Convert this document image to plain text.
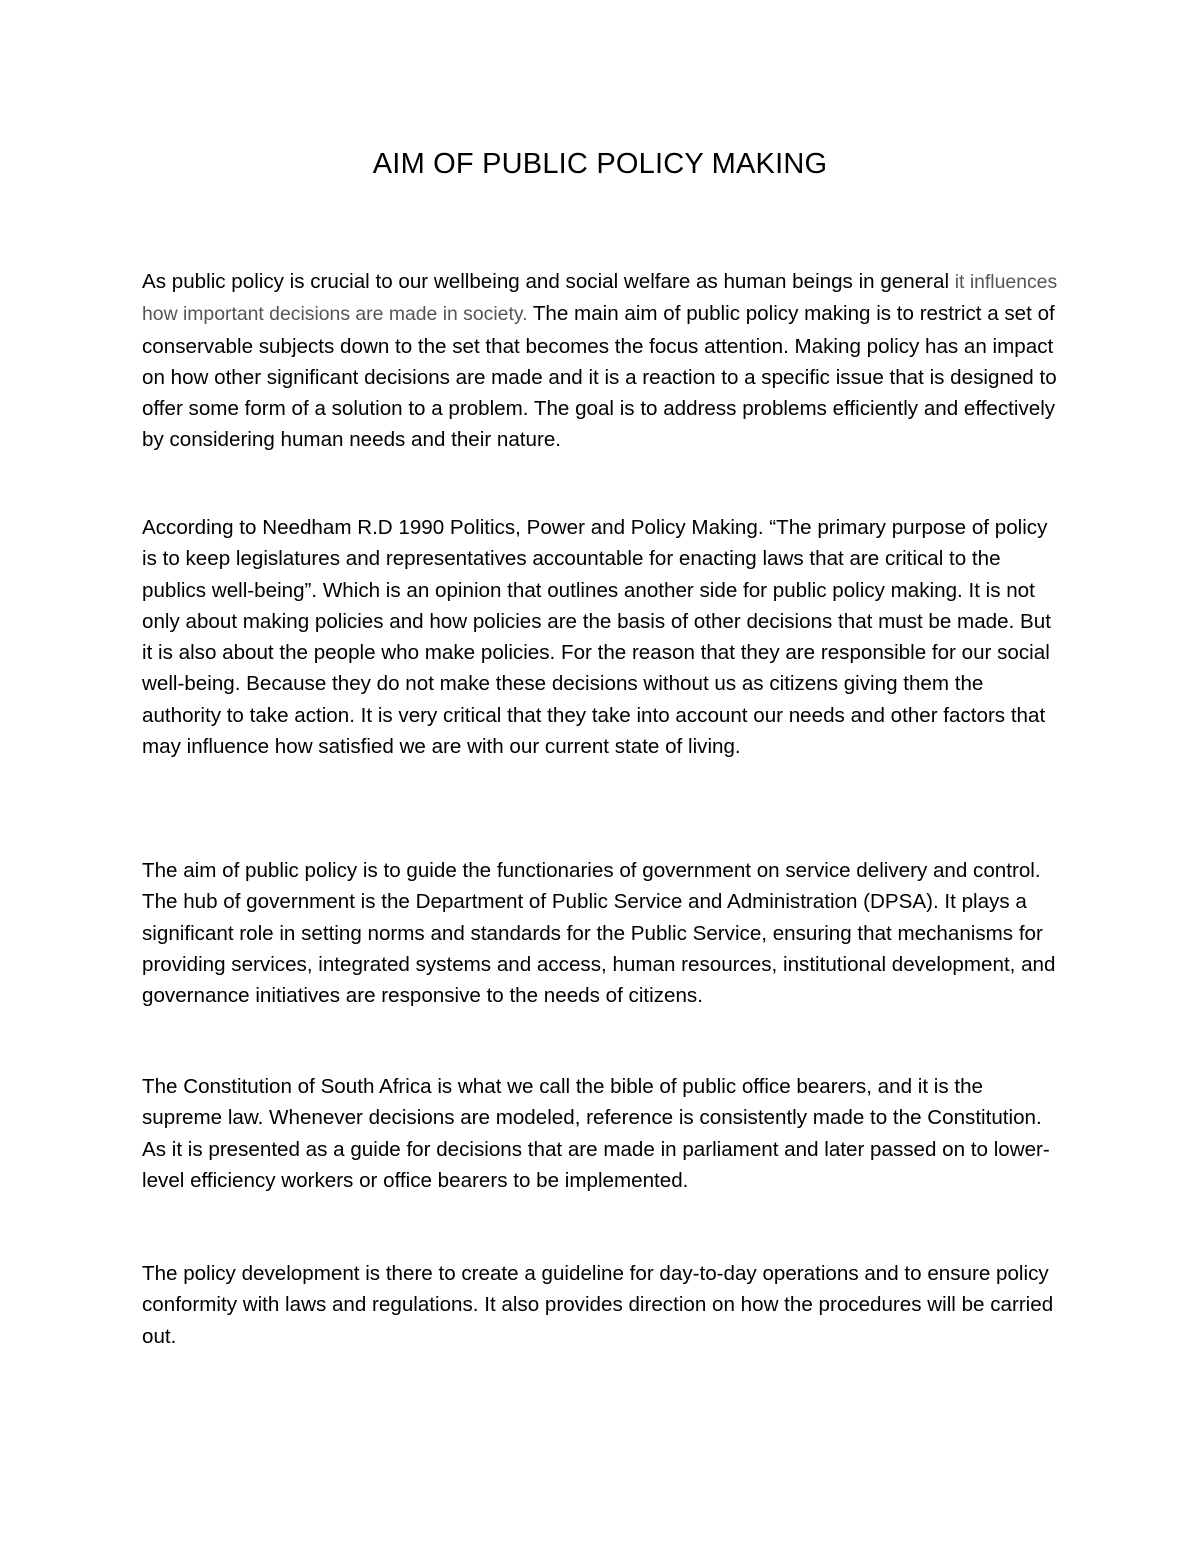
AIM OF PUBLIC POLICY MAKING

As public policy is crucial to our wellbeing and social welfare as human beings in general it influences how important decisions are made in society. The main aim of public policy making is to restrict a set of conservable subjects down to the set that becomes the focus attention. Making policy has an impact on how other significant decisions are made and it is a reaction to a specific issue that is designed to offer some form of a solution to a problem. The goal is to address problems efficiently and effectively by considering human needs and their nature.

According to Needham R.D 1990 Politics, Power and Policy Making. “The primary purpose of policy is to keep legislatures and representatives accountable for enacting laws that are critical to the publics well-being”. Which is an opinion that outlines another side for public policy making. It is not only about making policies and how policies are the basis of other decisions that must be made. But it is also about the people who make policies. For the reason that they are responsible for our social well-being. Because they do not make these decisions without us as citizens giving them the authority to take action. It is very critical that they take into account our needs and other factors that may influence how satisfied we are with our current state of living.

The aim of public policy is to guide the functionaries of government on service delivery and control. The hub of government is the Department of Public Service and Administration (DPSA). It plays a significant role in setting norms and standards for the Public Service, ensuring that mechanisms for providing services, integrated systems and access, human resources, institutional development, and governance initiatives are responsive to the needs of citizens.

The Constitution of South Africa is what we call the bible of public office bearers, and it is the supreme law. Whenever decisions are modeled, reference is consistently made to the Constitution. As it is presented as a guide for decisions that are made in parliament and later passed on to lower-level efficiency workers or office bearers to be implemented.

The policy development is there to create a guideline for day-to-day operations and to ensure policy conformity with laws and regulations. It also provides direction on how the procedures will be carried out.
